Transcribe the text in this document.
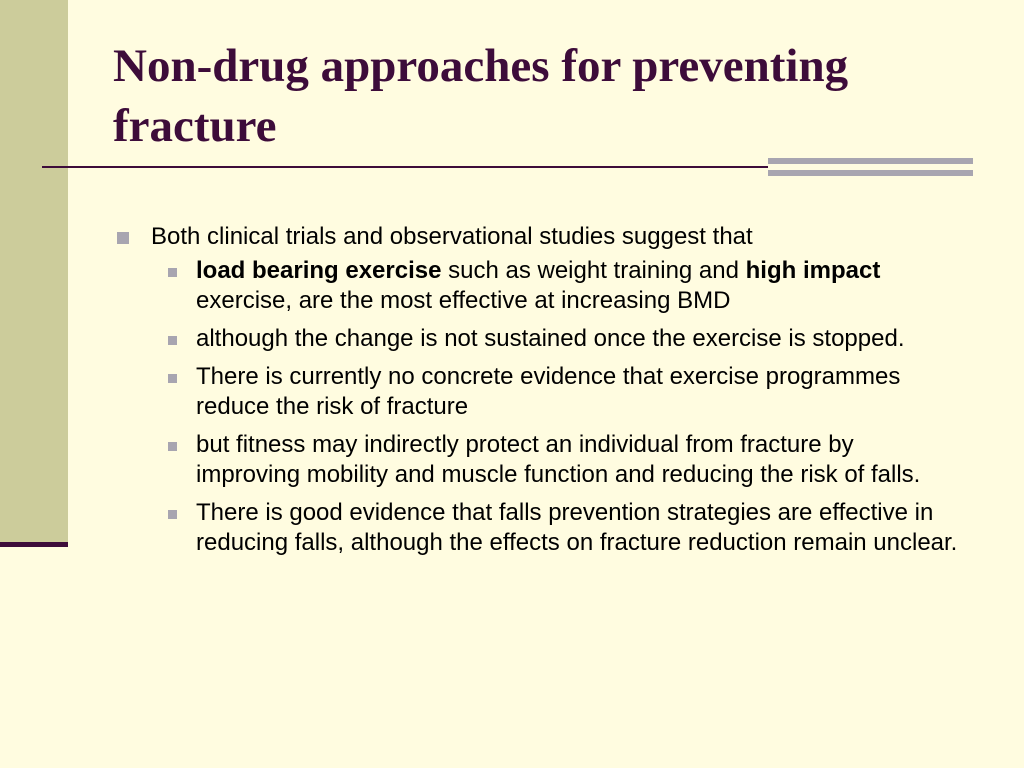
Non-drug approaches for preventing fracture
Both clinical trials and observational studies suggest that
load bearing exercise such as weight training and high impact exercise, are the most effective at increasing BMD
although the change is not sustained once the exercise is stopped.
There is currently no concrete evidence that exercise programmes reduce the risk of fracture
but fitness may indirectly protect an individual from fracture by improving mobility and muscle function and reducing the risk of falls.
There is good evidence that falls prevention strategies are effective in reducing falls, although the effects on fracture reduction remain unclear.
